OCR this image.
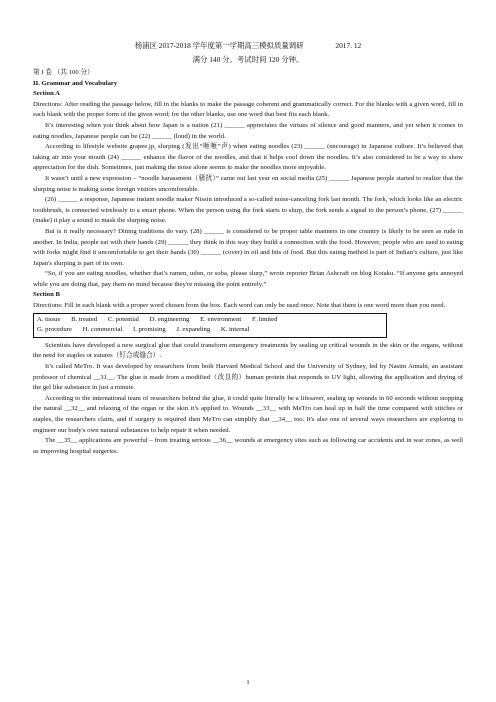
杨浦区 2017-2018 学年度第一学期高三模拟质量调研	2017. 12
满分 140 分。考试时间 120 分钟。

第 I 卷 （共 100 分）

II. Grammar and Vocabulary

Section A

Directions: After reading the passage below, fill in the blanks to make the passage coherent and grammatically correct. For the blanks with a given word, fill in each blank with the proper form of the given word; for the other blanks, use one word that best fits each blank.

It’s interesting when you think about how Japan is a nation (21) ______ appreciates the virtues of silence and good manners, and yet when it comes to eating noodles, Japanese people can be (22) ______ (loud) in the world.

According to lifestyle website grapee.jp, slurping (发出“咂咂”声) when eating noodles (23) ______ (encourage) in Japanese culture. It’s believed that taking air into your mouth (24) ______ enhance the flavor of the noodles, and that it helps cool down the noodles. It’s also considered to be a way to show appreciation for the dish. Sometimes, just making the noise alone seems to make the noodles more enjoyable.

It wasn’t until a new expression – “noodle harassment（骚扰）” came out last year on social media (25) ______ Japanese people started to realize that the slurping noise is making some foreign visitors uncomfortable.

(26) ______ a response, Japanese instant noodle maker Nissin introduced a so-called noise-canceling fork last month. The fork, which looks like an electric toothbrush, is connected wirelessly to a smart phone. When the person using the fork starts to slurp, the fork sends a signal to the person’s phone, (27) ______ (make) it play a sound to mask the slurping noise.

But is it really necessary? Dining traditions do vary. (28) ______ is considered to be proper table manners in one country is likely to be seen as rude in another. In India, people eat with their hands (29) ______ they think in this way they build a connection with the food. However, people who are used to eating with forks might find it uncomfortable to get their hands (30) ______ (cover) in oil and bits of food. But this eating method is part of Indian’s culture, just like Japan's slurping is part of its own.

“So, if you are eating noodles, whether that’s ramen, udon, or soba, please slurp,” wrote reporter Brian Ashcraft on blog Kotaku. “If anyone gets annoyed while you are doing that, pay them no mind because they're missing the point entirely.”

Section B

Directions: Fill in each blank with a proper word chosen from the box. Each word can only be used once. Note that there is one word more than you need.

A. tissue B. treated C. potential D. engineering E. environment F. limited
G. procedure H. commercial I. promising J. expanding K. internal

Scientists have developed a new surgical glue that could transform emergency treatments by sealing up critical wounds in the skin or the organs, without the need for staples or sutures（钉合或缝合）.

It’s called MeTro. It was developed by researchers from both Harvard Medical School and the University of Sydney, led by Nasim Annabi, an assistant professor of chemical __31__. The glue is made from a modified（改良的）human protein that responds to UV light, allowing the application and drying of the gel like substance in just a minute.

According to the international team of researchers behind the glue, it could quite literally be a lifesaver, sealing up wounds in 60 seconds without stopping the natural __32__ and relaxing of the organ or the skin it’s applied to. Wounds __33__ with MeTro can heal up in half the time compared with stitches or staples, the researchers claim, and if surgery is required then MeTro can simplify that __34__ too. It's also one of several ways researchers are exploring to engineer our body's own natural substances to help repair it when needed.

The __35__ applications are powerful – from treating serious __36__ wounds at emergency sites such as following car accidents and in war zones, as well as improving hospital surgeries.

1
